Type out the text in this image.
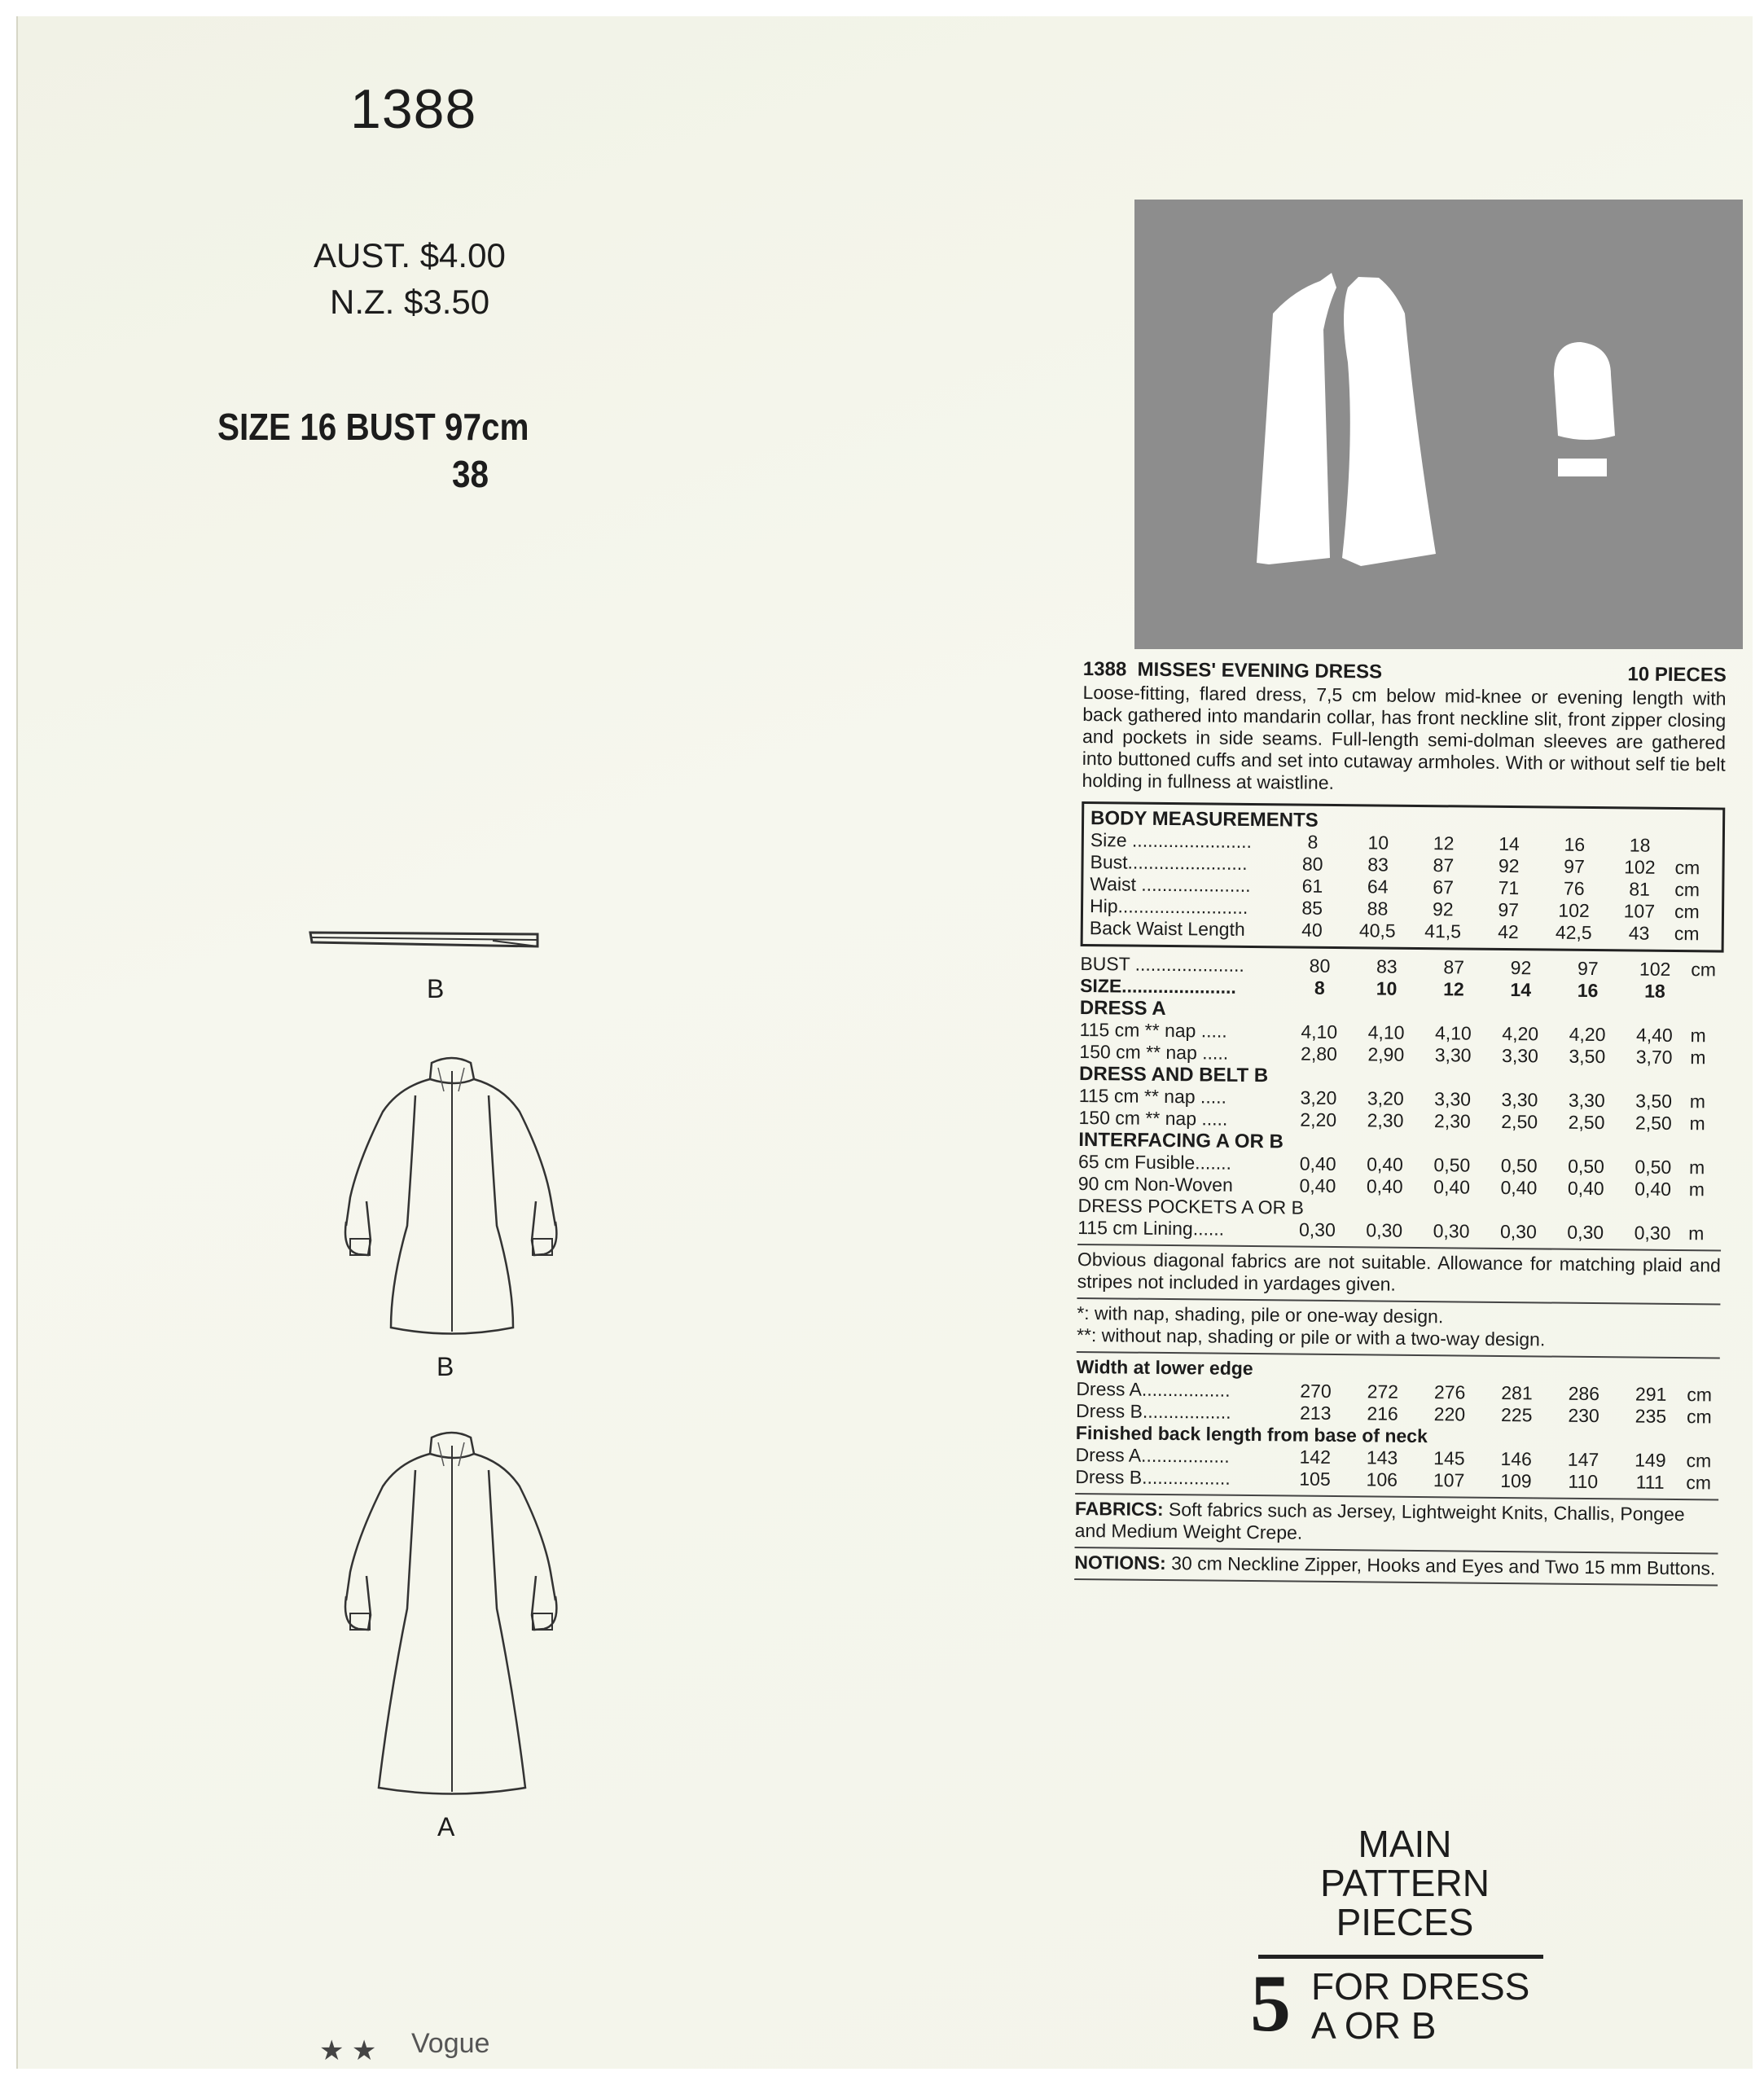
1388
AUST. $4.00
N.Z. $3.50
SIZE 16 BUST 97cm
38
B
B
A
★ ★ Vogue
1388 MISSES' EVENING DRESS	10 PIECES
Loose-fitting, flared dress, 7,5 cm below mid-knee or evening length with back gathered into mandarin collar, has front neckline slit, front zipper closing and pockets in side seams. Full-length semi-dolman sleeves are gathered into buttoned cuffs and set into cutaway armholes. With or without self tie belt holding in fullness at waistline.
BODY MEASUREMENTS
Size .......................	8	10	12	14	16	18
Bust.......................	80	83	87	92	97	102	cm
Waist .....................	61	64	67	71	76	81	cm
Hip.........................	85	88	92	97	102	107	cm
Back Waist Length	40	40,5	41,5	42	42,5	43	cm
BUST .....................	80	83	87	92	97	102	cm
SIZE......................	8	10	12	14	16	18
DRESS A
115 cm ** nap .....	4,10	4,10	4,10	4,20	4,20	4,40 m
150 cm ** nap .....	2,80	2,90	3,30	3,30	3,50	3,70 m
DRESS AND BELT B
115 cm ** nap .....	3,20	3,20	3,30	3,30	3,30	3,50 m
150 cm ** nap .....	2,20	2,30	2,30	2,50	2,50	2,50 m
INTERFACING A OR B
65 cm Fusible.......	0,40	0,40	0,50	0,50	0,50	0,50 m
90 cm Non-Woven	0,40	0,40	0,40	0,40	0,40	0,40 m
DRESS POCKETS A OR B
115 cm Lining......	0,30	0,30	0,30	0,30	0,30	0,30 m
Obvious diagonal fabrics are not suitable. Allowance for matching plaid and stripes not included in yardages given.
*: with nap, shading, pile or one-way design.
**: without nap, shading or pile or with a two-way design.
Width at lower edge
Dress A.................	270	272	276	281	286	291	cm
Dress B.................	213	216	220	225	230	235	cm
Finished back length from base of neck
Dress A.................	142	143	145	146	147	149	cm
Dress B.................	105	106	107	109	110	111	cm
FABRICS: Soft fabrics such as Jersey, Lightweight Knits, Challis, Pongee and Medium Weight Crepe.
NOTIONS: 30 cm Neckline Zipper, Hooks and Eyes and Two 15 mm Buttons.
MAIN
PATTERN
PIECES
5 FOR DRESS
A OR B
